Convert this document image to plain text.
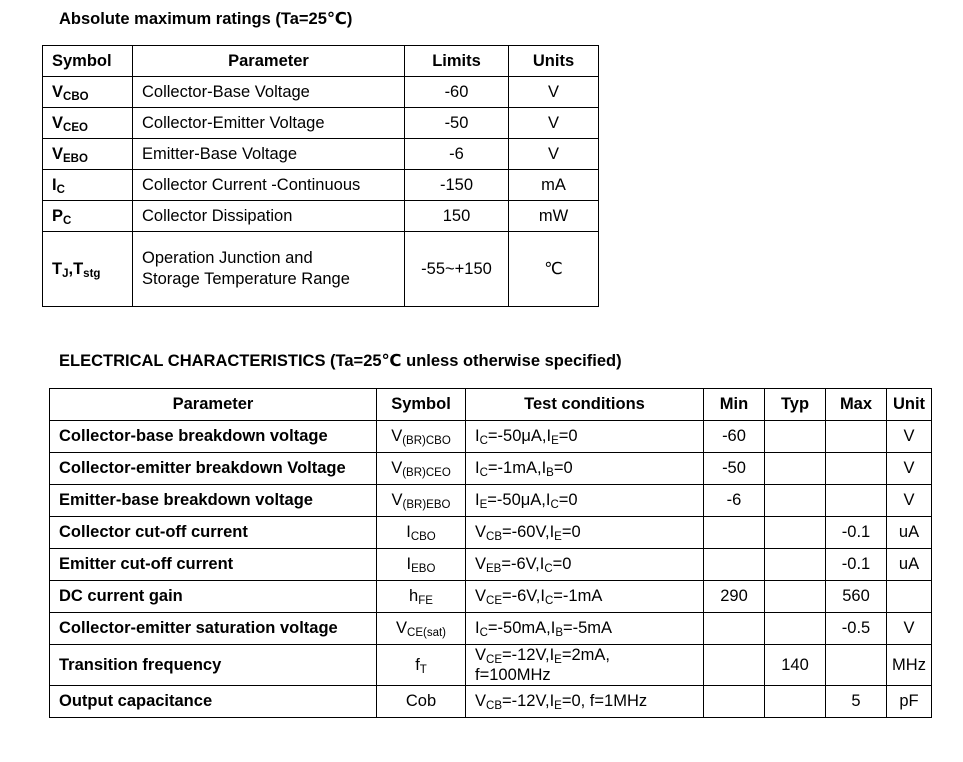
Absolute maximum ratings (Ta=25℃)
Symbol	Parameter	Limits	Units
$V_{CBO}$	Collector-Base Voltage	-60	V
$V_{CEO}$	Collector-Emitter Voltage	-50	V
$V_{EBO}$	Emitter-Base Voltage	-6	V
$I_C$	Collector Current -Continuous	-150	mA
$P_C$	Collector Dissipation	150	mW
$T_J,T_{stg}$	Operation Junction and
Storage Temperature Range	-55~+150	℃
ELECTRICAL CHARACTERISTICS (Ta=25℃ unless otherwise specified)
Parameter	Symbol	Test conditions	Min	Typ	Max	Unit
Collector-base breakdown voltage	$V_{(BR)CBO}$	$I_C=-50\mu A,I_E=0$	-60			V
Collector-emitter breakdown Voltage	$V_{(BR)CEO}$	$I_C=-1mA,I_B=0$	-50			V
Emitter-base breakdown voltage	$V_{(BR)EBO}$	$I_E=-50\mu A,I_C=0$	-6			V
Collector cut-off current	$I_{CBO}$	$V_{CB}=-60V,I_E=0$			-0.1	uA
Emitter cut-off current	$I_{EBO}$	$V_{EB}=-6V,I_C=0$			-0.1	uA
DC current gain	$h_{FE}$	$V_{CE}=-6V,I_C=-1mA$	290		560	
Collector-emitter saturation voltage	$V_{CE(sat)}$	$I_C=-50mA,I_B=-5mA$			-0.5	V
Transition frequency	$f_T$	$V_{CE}=-12V,I_E=2mA$,
f=100MHz		140		MHz
Output capacitance	Cob	$V_{CB}=-12V,I_E=0$, f=1MHz			5	pF
